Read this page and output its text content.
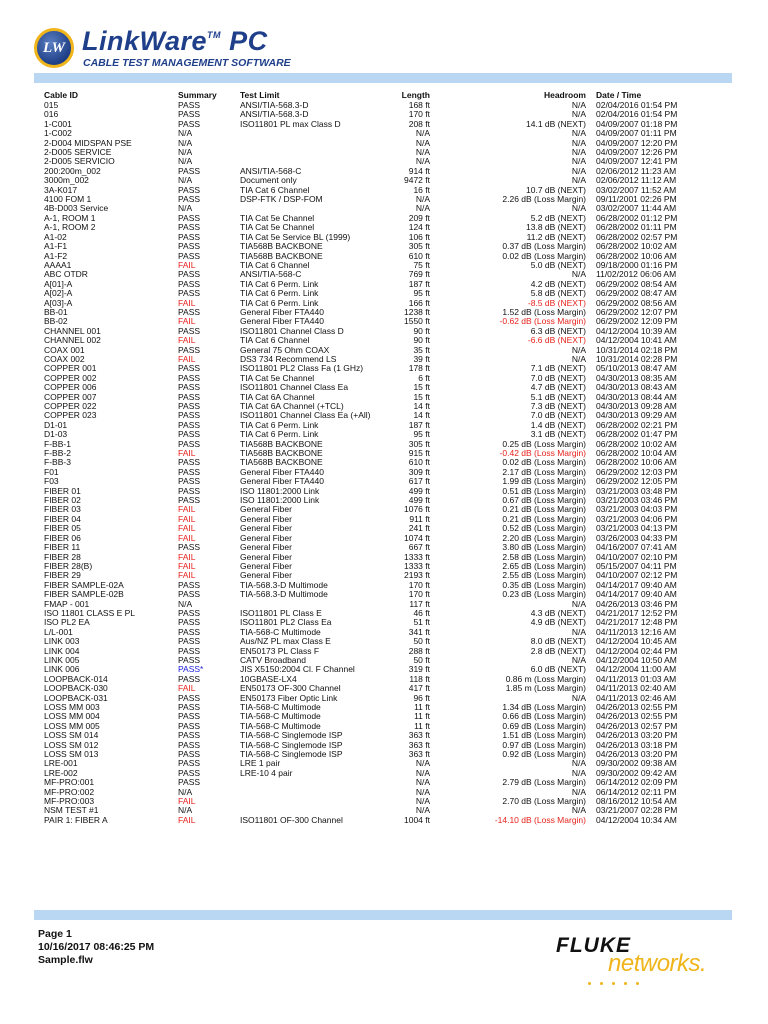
LW LinkWare™ PC
CABLE TEST MANAGEMENT SOFTWARE
Cable ID	Summary	Test Limit	Length	Headroom	Date / Time
015	PASS	ANSI/TIA-568.3-D	168 ft	N/A	02/04/2016 01:54 PM
016	PASS	ANSI/TIA-568.3-D	170 ft	N/A	02/04/2016 01:54 PM
1-C001	PASS	ISO11801 PL max Class D	208 ft	14.1 dB (NEXT)	04/09/2007 01:18 PM
1-C002	N/A		N/A	N/A	04/09/2007 01:11 PM
2-D004 MIDSPAN PSE	N/A		N/A	N/A	04/09/2007 12:20 PM
2-D005 SERVICE	N/A		N/A	N/A	04/09/2007 12:26 PM
2-D005 SERVICIO	N/A		N/A	N/A	04/09/2007 12:41 PM
200:200m_002	PASS	ANSI/TIA-568-C	914 ft	N/A	02/06/2012 11:23 AM
3000m_002	N/A	Document only	9472 ft	N/A	02/06/2012 11:12 AM
3A-K017	PASS	TIA Cat 6 Channel	16 ft	10.7 dB (NEXT)	03/02/2007 11:52 AM
4100 FOM 1	PASS	DSP-FTK / DSP-FOM	N/A	2.26 dB (Loss Margin)	09/11/2001 02:26 PM
4B-D003 Service	N/A		N/A	N/A	03/02/2007 11:44 AM
A-1, ROOM 1	PASS	TIA Cat 5e Channel	209 ft	5.2 dB (NEXT)	06/28/2002 01:12 PM
A-1, ROOM 2	PASS	TIA Cat 5e Channel	124 ft	13.8 dB (NEXT)	06/28/2002 01:11 PM
A1-02	PASS	TIA Cat 5e Service BL (1999)	106 ft	11.2 dB (NEXT)	06/28/2002 02:57 PM
A1-F1	PASS	TIA568B BACKBONE	305 ft	0.37 dB (Loss Margin)	06/28/2002 10:02 AM
A1-F2	PASS	TIA568B BACKBONE	610 ft	0.02 dB (Loss Margin)	06/28/2002 10:06 AM
AAAA1	FAIL	TIA Cat 6 Channel	75 ft	5.0 dB (NEXT)	09/18/2000 01:16 PM
ABC OTDR	PASS	ANSI/TIA-568-C	769 ft	N/A	11/02/2012 06:06 AM
A[01]-A	PASS	TIA Cat 6 Perm. Link	187 ft	4.2 dB (NEXT)	06/29/2002 08:54 AM
A[02]-A	PASS	TIA Cat 6 Perm. Link	95 ft	5.8 dB (NEXT)	06/29/2002 08:47 AM
A[03]-A	FAIL	TIA Cat 6 Perm. Link	166 ft	-8.5 dB (NEXT)	06/29/2002 08:56 AM
BB-01	PASS	General Fiber FTA440	1238 ft	1.52 dB (Loss Margin)	06/29/2002 12:07 PM
BB-02	FAIL	General Fiber FTA440	1550 ft	-0.62 dB (Loss Margin)	06/29/2002 12:09 PM
CHANNEL 001	PASS	ISO11801 Channel Class D	90 ft	6.3 dB (NEXT)	04/12/2004 10:39 AM
CHANNEL 002	FAIL	TIA Cat 6 Channel	90 ft	-6.6 dB (NEXT)	04/12/2004 10:41 AM
COAX 001	PASS	General 75 Ohm COAX	35 ft	N/A	10/31/2014 02:18 PM
COAX 002	FAIL	DS3 734 Recommend LS	39 ft	N/A	10/31/2014 02:28 PM
COPPER 001	PASS	ISO11801 PL2 Class Fa (1 GHz)	178 ft	7.1 dB (NEXT)	05/10/2013 08:47 AM
COPPER 002	PASS	TIA Cat 5e Channel	6 ft	7.0 dB (NEXT)	04/30/2013 08:35 AM
COPPER 006	PASS	ISO11801 Channel Class Ea	15 ft	4.7 dB (NEXT)	04/30/2013 08:43 AM
COPPER 007	PASS	TIA Cat 6A Channel	15 ft	5.1 dB (NEXT)	04/30/2013 08:44 AM
COPPER 022	PASS	TIA Cat 6A Channel (+TCL)	14 ft	7.3 dB (NEXT)	04/30/2013 09:28 AM
COPPER 023	PASS	ISO11801 Channel Class Ea (+All)	14 ft	7.0 dB (NEXT)	04/30/2013 09:29 AM
D1-01	PASS	TIA Cat 6 Perm. Link	187 ft	1.4 dB (NEXT)	06/28/2002 02:21 PM
D1-03	PASS	TIA Cat 6 Perm. Link	95 ft	3.1 dB (NEXT)	06/28/2002 01:47 PM
F-BB-1	PASS	TIA568B BACKBONE	305 ft	0.25 dB (Loss Margin)	06/28/2002 10:02 AM
F-BB-2	FAIL	TIA568B BACKBONE	915 ft	-0.42 dB (Loss Margin)	06/28/2002 10:04 AM
F-BB-3	PASS	TIA568B BACKBONE	610 ft	0.02 dB (Loss Margin)	06/28/2002 10:06 AM
F01	PASS	General Fiber FTA440	309 ft	2.17 dB (Loss Margin)	06/29/2002 12:03 PM
F03	PASS	General Fiber FTA440	617 ft	1.99 dB (Loss Margin)	06/29/2002 12:05 PM
FIBER 01	PASS	ISO 11801:2000 Link	499 ft	0.51 dB (Loss Margin)	03/21/2003 03:48 PM
FIBER 02	PASS	ISO 11801:2000 Link	499 ft	0.67 dB (Loss Margin)	03/21/2003 03:46 PM
FIBER 03	FAIL	General Fiber	1076 ft	0.21 dB (Loss Margin)	03/21/2003 04:03 PM
FIBER 04	FAIL	General Fiber	911 ft	0.21 dB (Loss Margin)	03/21/2003 04:06 PM
FIBER 05	FAIL	General Fiber	241 ft	0.52 dB (Loss Margin)	03/21/2003 04:13 PM
FIBER 06	FAIL	General Fiber	1074 ft	2.20 dB (Loss Margin)	03/26/2003 04:33 PM
FIBER 11	PASS	General Fiber	667 ft	3.80 dB (Loss Margin)	04/16/2007 07:41 AM
FIBER 28	FAIL	General Fiber	1333 ft	2.58 dB (Loss Margin)	04/10/2007 02:10 PM
FIBER 28(B)	FAIL	General Fiber	1333 ft	2.65 dB (Loss Margin)	05/15/2007 04:11 PM
FIBER 29	FAIL	General Fiber	2193 ft	2.55 dB (Loss Margin)	04/10/2007 02:12 PM
FIBER SAMPLE-02A	PASS	TIA-568.3-D Multimode	170 ft	0.35 dB (Loss Margin)	04/14/2017 09:40 AM
FIBER SAMPLE-02B	PASS	TIA-568.3-D Multimode	170 ft	0.23 dB (Loss Margin)	04/14/2017 09:40 AM
FMAP - 001	N/A		117 ft	N/A	04/26/2013 03:46 PM
ISO 11801 CLASS E PL	PASS	ISO11801 PL Class E	46 ft	4.3 dB (NEXT)	04/21/2017 12:52 PM
ISO PL2 EA	PASS	ISO11801 PL2 Class Ea	51 ft	4.9 dB (NEXT)	04/21/2017 12:48 PM
L/L-001	PASS	TIA-568-C Multimode	341 ft	N/A	04/11/2013 12:16 AM
LINK 003	PASS	Aus/NZ PL max Class E	50 ft	8.0 dB (NEXT)	04/12/2004 10:45 AM
LINK 004	PASS	EN50173 PL Class F	288 ft	2.8 dB (NEXT)	04/12/2004 02:44 PM
LINK 005	PASS	CATV Broadband	50 ft	N/A	04/12/2004 10:50 AM
LINK 006	PASS*	JIS X5150:2004 Cl. F Channel	319 ft	6.0 dB (NEXT)	04/12/2004 11:00 AM
LOOPBACK-014	PASS	10GBASE-LX4	118 ft	0.86 m (Loss Margin)	04/11/2013 01:03 AM
LOOPBACK-030	FAIL	EN50173 OF-300 Channel	417 ft	1.85 m (Loss Margin)	04/11/2013 02:40 AM
LOOPBACK-031	PASS	EN50173 Fiber Optic Link	96 ft	N/A	04/11/2013 02:46 AM
LOSS MM 003	PASS	TIA-568-C Multimode	11 ft	1.34 dB (Loss Margin)	04/26/2013 02:55 PM
LOSS MM 004	PASS	TIA-568-C Multimode	11 ft	0.66 dB (Loss Margin)	04/26/2013 02:55 PM
LOSS MM 005	PASS	TIA-568-C Multimode	11 ft	0.69 dB (Loss Margin)	04/26/2013 02:57 PM
LOSS SM 014	PASS	TIA-568-C Singlemode ISP	363 ft	1.51 dB (Loss Margin)	04/26/2013 03:20 PM
LOSS SM 012	PASS	TIA-568-C Singlemode ISP	363 ft	0.97 dB (Loss Margin)	04/26/2013 03:18 PM
LOSS SM 013	PASS	TIA-568-C Singlemode ISP	363 ft	0.92 dB (Loss Margin)	04/26/2013 03:20 PM
LRE-001	PASS	LRE 1 pair	N/A	N/A	09/30/2002 09:38 AM
LRE-002	PASS	LRE-10 4 pair	N/A	N/A	09/30/2002 09:42 AM
MF-PRO:001	PASS		N/A	2.79 dB (Loss Margin)	06/14/2012 02:09 PM
MF-PRO:002	N/A		N/A	N/A	06/14/2012 02:11 PM
MF-PRO:003	FAIL		N/A	2.70 dB (Loss Margin)	08/16/2012 10:54 AM
NSM TEST #1	N/A		N/A	N/A	03/21/2007 02:28 PM
PAIR 1: FIBER A	FAIL	ISO11801 OF-300 Channel	1004 ft	-14.10 dB (Loss Margin)	04/12/2004 10:34 AM
Page 1
10/16/2017 08:46:25 PM
Sample.flw
FLUKE
networks.
